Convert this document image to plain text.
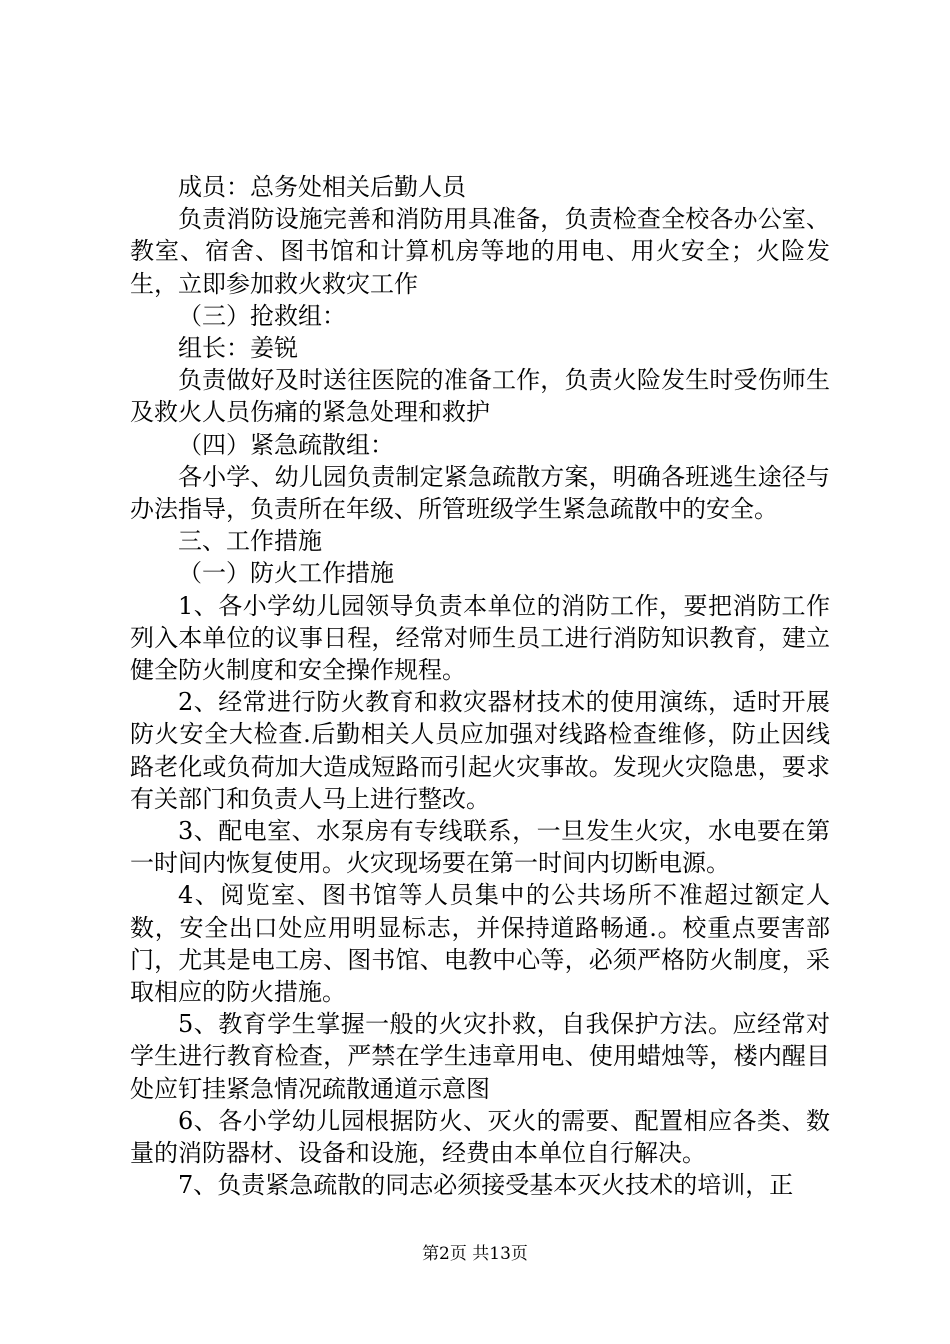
成员：总务处相关后勤人员

负责消防设施完善和消防用具准备，负责检查全校各办公室、教室、宿舍、图书馆和计算机房等地的用电、用火安全；火险发生，立即参加救火救灾工作

（三）抢救组：

组长：姜锐

负责做好及时送往医院的准备工作，负责火险发生时受伤师生及救火人员伤痛的紧急处理和救护

（四）紧急疏散组：

各小学、幼儿园负责制定紧急疏散方案，明确各班逃生途径与办法指导，负责所在年级、所管班级学生紧急疏散中的安全。

三、工作措施

（一）防火工作措施

1、各小学幼儿园领导负责本单位的消防工作，要把消防工作列入本单位的议事日程，经常对师生员工进行消防知识教育，建立健全防火制度和安全操作规程。

2、经常进行防火教育和救灾器材技术的使用演练，适时开展防火安全大检查.后勤相关人员应加强对线路检查维修，防止因线路老化或负荷加大造成短路而引起火灾事故。发现火灾隐患，要求有关部门和负责人马上进行整改。

3、配电室、水泵房有专线联系，一旦发生火灾，水电要在第一时间内恢复使用。火灾现场要在第一时间内切断电源。

4、阅览室、图书馆等人员集中的公共场所不准超过额定人数，安全出口处应用明显标志，并保持道路畅通.。校重点要害部门，尤其是电工房、图书馆、电教中心等，必须严格防火制度，采取相应的防火措施。

5、教育学生掌握一般的火灾扑救，自我保护方法。应经常对学生进行教育检查，严禁在学生违章用电、使用蜡烛等，楼内醒目处应钉挂紧急情况疏散通道示意图

6、各小学幼儿园根据防火、灭火的需要、配置相应各类、数量的消防器材、设备和设施，经费由本单位自行解决。

7、负责紧急疏散的同志必须接受基本灭火技术的培训，正

第2页 共13页
